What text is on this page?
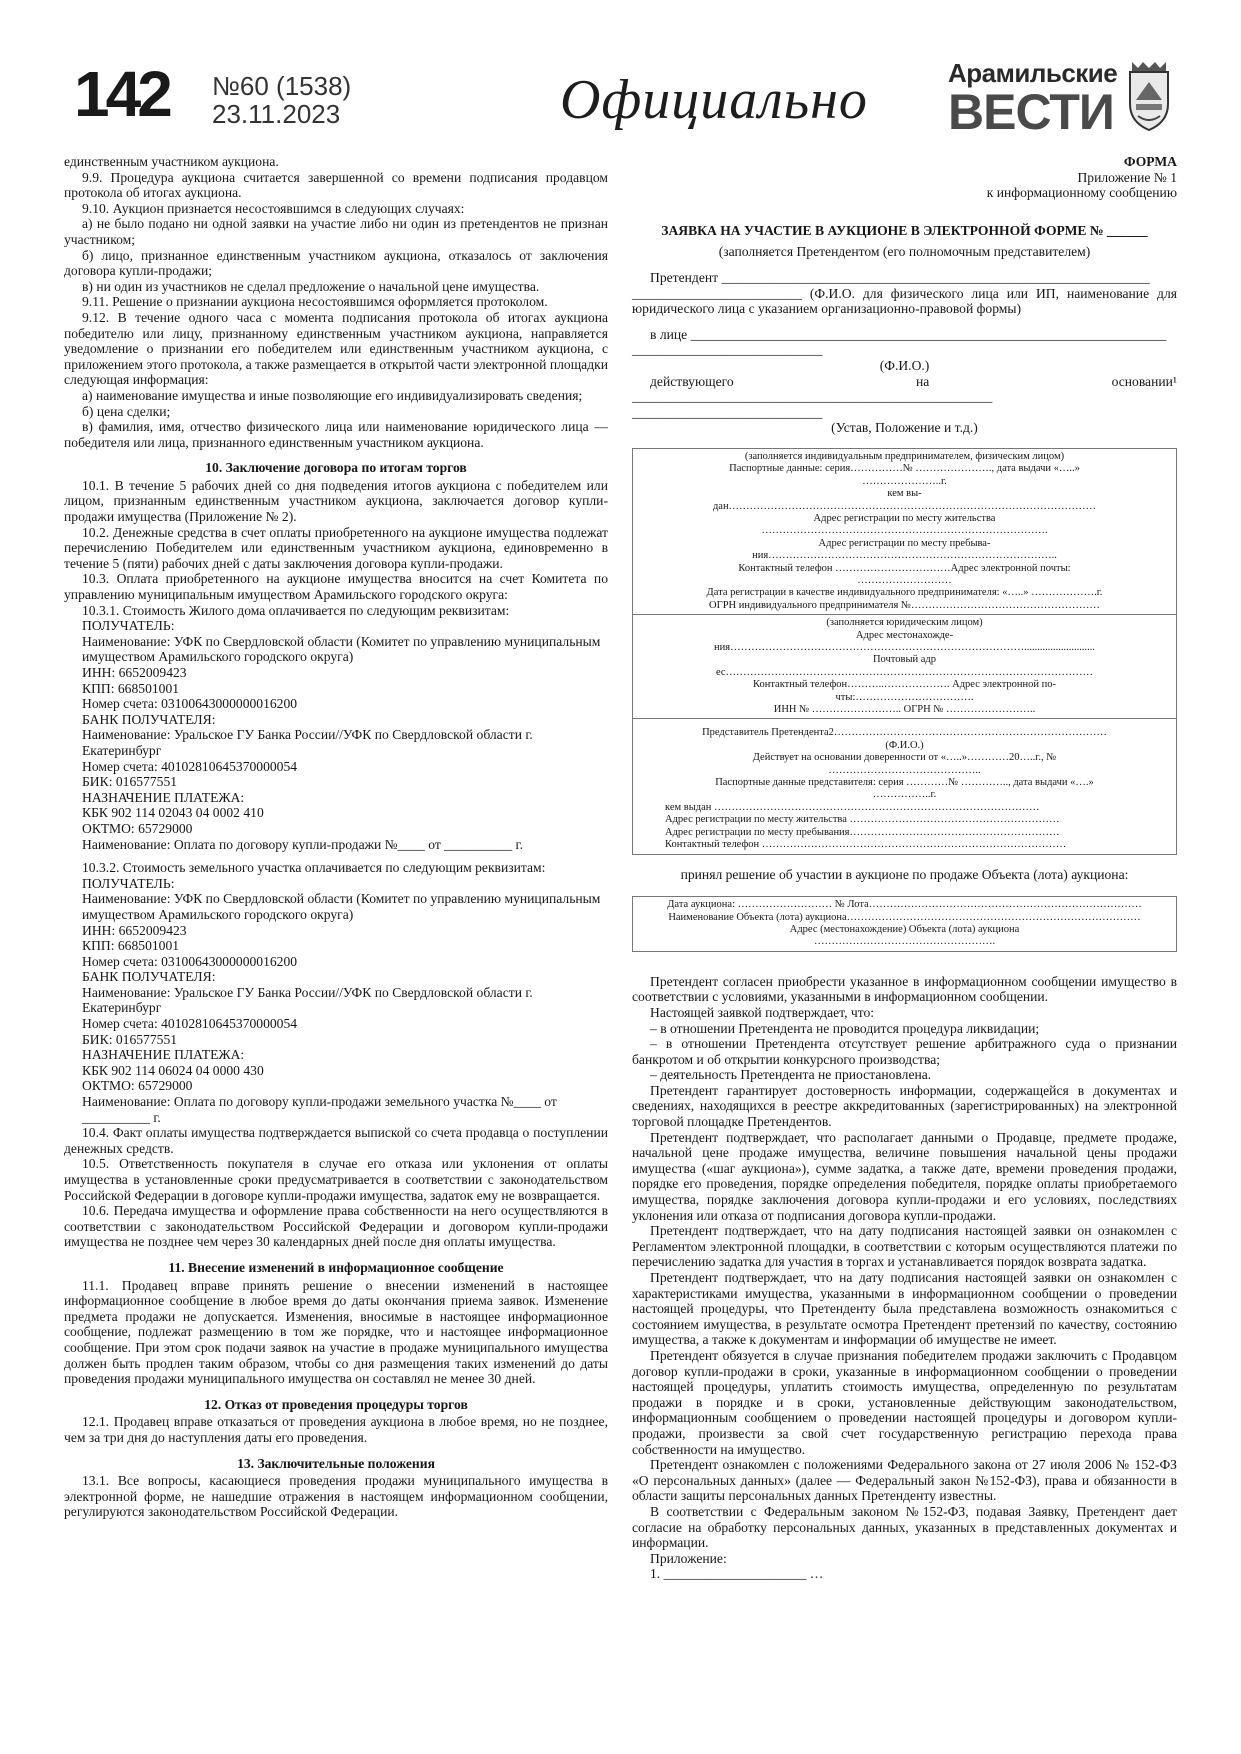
142 №60 (1538)
23.11.2023	Официально	Арамильские
ВЕСТИ

единственным участником аукциона.

9.9. Процедура аукциона считается завершенной со времени подписания продавцом протокола об итогах аукциона.

9.10. Аукцион признается несостоявшимся в следующих случаях:

а) не было подано ни одной заявки на участие либо ни один из претендентов не признан участником;

б) лицо, признанное единственным участником аукциона, отказалось от заключения договора купли-продажи;

в) ни один из участников не сделал предложение о начальной цене имущества.

9.11. Решение о признании аукциона несостоявшимся оформляется протоколом.

9.12. В течение одного часа с момента подписания протокола об итогах аукциона победителю или лицу, признанному единственным участником аукциона, направляется уведомление о признании его победителем или единственным участником аукциона, с приложением этого протокола, а также размещается в открытой части электронной площадки следующая информация:

а) наименование имущества и иные позволяющие его индивидуализировать сведения;

б) цена сделки;

в) фамилия, имя, отчество физического лица или наименование юридического лица — победителя или лица, признанного единственным участником аукциона.

10. Заключение договора по итогам торгов

10.1. В течение 5 рабочих дней со дня подведения итогов аукциона с победителем или лицом, признанным единственным участником аукциона, заключается договор купли-продажи имущества (Приложение № 2).

10.2. Денежные средства в счет оплаты приобретенного на аукционе имущества подлежат перечислению Победителем или единственным участником аукциона, единовременно в течение 5 (пяти) рабочих дней с даты заключения договора купли-продажи.

10.3. Оплата приобретенного на аукционе имущества вносится на счет Комитета по управлению муниципальным имуществом Арамильского городского округа:

10.3.1. Стоимость Жилого дома оплачивается по следующим реквизитам:

ПОЛУЧАТЕЛЬ:

Наименование: УФК по Свердловской области (Комитет по управлению муниципальным имуществом Арамильского городского округа)

ИНН: 6652009423

КПП: 668501001

Номер счета: 03100643000000016200

БАНК ПОЛУЧАТЕЛЯ:

Наименование: Уральское ГУ Банка России//УФК по Свердловской области г. Екатеринбург

Номер счета: 40102810645370000054

БИК: 016577551

НАЗНАЧЕНИЕ ПЛАТЕЖА:

КБК 902 114 02043 04 0002 410

ОКТМО: 65729000

Наименование: Оплата по договору купли-продажи №____ от __________ г.

10.3.2. Стоимость земельного участка оплачивается по следующим реквизитам:

ПОЛУЧАТЕЛЬ:

Наименование: УФК по Свердловской области (Комитет по управлению муниципальным имуществом Арамильского городского округа)

ИНН: 6652009423

КПП: 668501001

Номер счета: 03100643000000016200

БАНК ПОЛУЧАТЕЛЯ:

Наименование: Уральское ГУ Банка России//УФК по Свердловской области г. Екатеринбург

Номер счета: 40102810645370000054

БИК: 016577551

НАЗНАЧЕНИЕ ПЛАТЕЖА:

КБК 902 114 06024 04 0000 430

ОКТМО: 65729000

Наименование: Оплата по договору купли-продажи земельного участка №____ от __________ г.

10.4. Факт оплаты имущества подтверждается выпиской со счета продавца о поступлении денежных средств.

10.5. Ответственность покупателя в случае его отказа или уклонения от оплаты имущества в установленные сроки предусматривается в соответствии с законодательством Российской Федерации в договоре купли-продажи имущества, задаток ему не возвращается.

10.6. Передача имущества и оформление права собственности на него осуществляются в соответствии с законодательством Российской Федерации и договором купли-продажи имущества не позднее чем через 30 календарных дней после дня оплаты имущества.

11. Внесение изменений в информационное сообщение

11.1. Продавец вправе принять решение о внесении изменений в настоящее информационное сообщение в любое время до даты окончания приема заявок. Изменение предмета продажи не допускается. Изменения, вносимые в настоящее информационное сообщение, подлежат размещению в том же порядке, что и настоящее информационное сообщение. При этом срок подачи заявок на участие в продаже муниципального имущества должен быть продлен таким образом, чтобы со дня размещения таких изменений до даты проведения продажи муниципального имущества он составлял не менее 30 дней.

12. Отказ от проведения процедуры торгов

12.1. Продавец вправе отказаться от проведения аукциона в любое время, но не позднее, чем за три дня до наступления даты его проведения.

13. Заключительные положения

13.1. Все вопросы, касающиеся проведения продажи муниципального имущества в электронной форме, не нашедшие отражения в настоящем информационном сообщении, регулируются законодательством Российской Федерации.

ФОРМА
Приложение № 1
к информационному сообщению
ЗАЯВКА НА УЧАСТИЕ В АУКЦИОНЕ В ЭЛЕКТРОННОЙ ФОРМЕ № ______
(заполняется Претендентом (его полномочным представителем)

Претендент _______________________________________________________________

_________________________ (Ф.И.О. для физического лица или ИП, наименование для юридического лица с указанием организационно-правовой формы)

в лице ______________________________________________________________________

____________________________

(Ф.И.О.)

действующего на основании¹ _____________________________________________________

____________________________

(Устав, Положение и т.д.)
(заполняется индивидуальным предпринимателем, физическим лицом)
Паспортные данные: серия……………№ …………………., дата выдачи «…..»
…………………..г.
кем вы-
дан……………………………………………………………………………………………
Адрес регистрации по месту жительства
……………………………………………………………………….
Адрес регистрации по месту пребыва-
ния………………………………………………………………………..
Контактный телефон ……………………………Адрес электронной почты:
………………………
Дата регистрации в качестве индивидуального предпринимателя: «…..» ……………….г.
ОГРН индивидуального предпринимателя №………………………………………………
(заполняется юридическим лицом)
Адрес местонахожде-
ния…………………………………………………………………………...........................
Почтовый адр
ес……………………………………………………………………………………………
Контактный телефон………..………………. Адрес электронной по-
чты:…………………………….
ИНН № …………………….. ОГРН № ……………………..
Представитель Претендента2……………………………………………………………………
(Ф.И.О.)
Действует на основании доверенности от «…..»…………20…..г., №
……………………………………..
Паспортные данные представителя: серия …………№ ………….., дата выдачи «….»
……………..г.
кем выдан …………………………………………………………………………………
Адрес регистрации по месту жительства ……………………………………………………
Адрес регистрации по месту пребывания……………………………………………………
Контактный телефон ……………………………………………………………………………

принял решение об участии в аукционе по продаже Объекта (лота) аукциона:

Дата аукциона: ……………………… № Лота……………………………………………………………………
Наименование Объекта (лота) аукциона…………………………………………………………………………
Адрес (местонахождение) Объекта (лота) аукциона
…………………………………………….

Претендент согласен приобрести указанное в информационном сообщении имущество в соответствии с условиями, указанными в информационном сообщении.

Настоящей заявкой подтверждает, что:

– в отношении Претендента не проводится процедура ликвидации;

– в отношении Претендента отсутствует решение арбитражного суда о признании банкротом и об открытии конкурсного производства;

– деятельность Претендента не приостановлена.

Претендент гарантирует достоверность информации, содержащейся в документах и сведениях, находящихся в реестре аккредитованных (зарегистрированных) на электронной торговой площадке Претендентов.

Претендент подтверждает, что располагает данными о Продавце, предмете продаже, начальной цене продаже имущества, величине повышения начальной цены продажи имущества («шаг аукциона»), сумме задатка, а также дате, времени проведения продажи, порядке его проведения, порядке определения победителя, порядке оплаты приобретаемого имущества, порядке заключения договора купли-продажи и его условиях, последствиях уклонения или отказа от подписания договора купли-продажи.

Претендент подтверждает, что на дату подписания настоящей заявки он ознакомлен с Регламентом электронной площадки, в соответствии с которым осуществляются платежи по перечислению задатка для участия в торгах и устанавливается порядок возврата задатка.

Претендент подтверждает, что на дату подписания настоящей заявки он ознакомлен с характеристиками имущества, указанными в информационном сообщении о проведении настоящей процедуры, что Претенденту была представлена возможность ознакомиться с состоянием имущества, в результате осмотра Претендент претензий по качеству, состоянию имущества, а также к документам и информации об имуществе не имеет.

Претендент обязуется в случае признания победителем продажи заключить с Продавцом договор купли-продажи в сроки, указанные в информационном сообщении о проведении настоящей процедуры, уплатить стоимость имущества, определенную по результатам продажи в порядке и в сроки, установленные действующим законодательством, информационным сообщением о проведении настоящей процедуры и договором купли-продажи, произвести за свой счет государственную регистрацию перехода права собственности на имущество.

Претендент ознакомлен с положениями Федерального закона от 27 июля 2006 № 152-ФЗ «О персональных данных» (далее — Федеральный закон №152-ФЗ), права и обязанности в области защиты персональных данных Претенденту известны.

В соответствии с Федеральным законом №152-ФЗ, подавая Заявку, Претендент дает согласие на обработку персональных данных, указанных в представленных документах и информации.

Приложение:

1. _____________________ …
